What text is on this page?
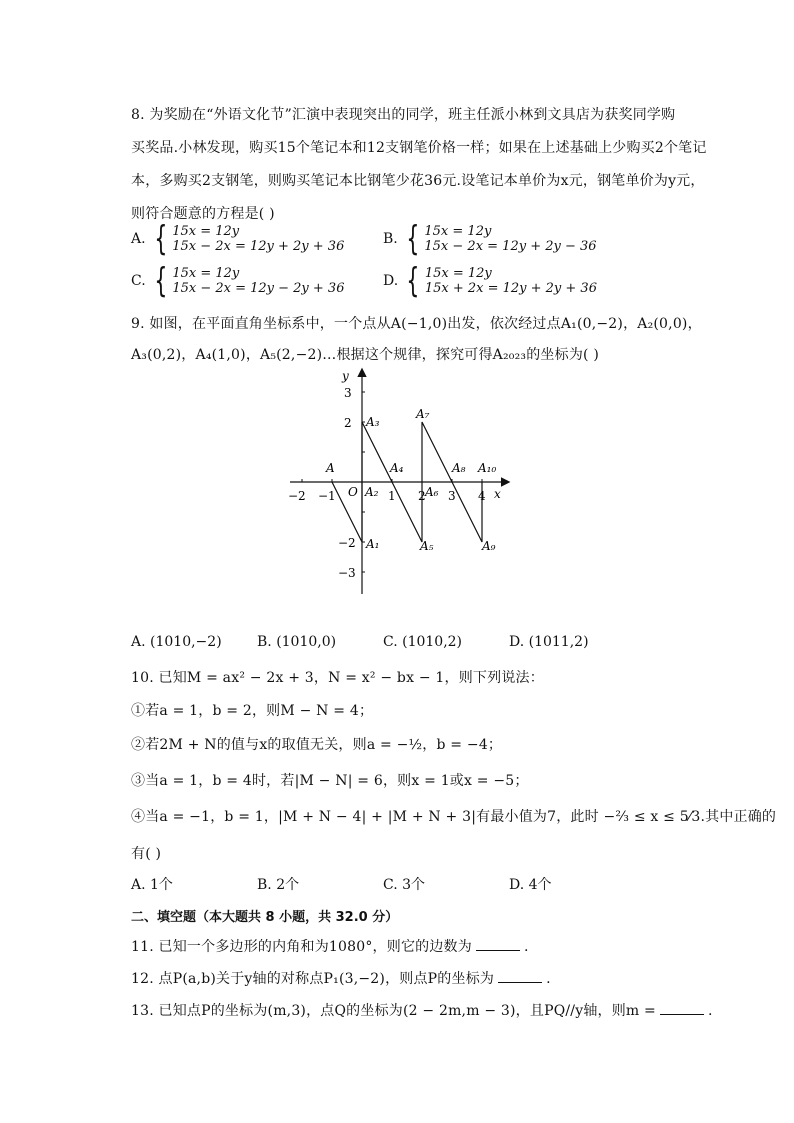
8. 为奖励在“外语文化节”汇演中表现突出的同学，班主任派小林到文具店为获奖同学购
买奖品.小林发现，购买15个笔记本和12支钢笔价格一样；如果在上述基础上少购买2个笔记
本，多购买2支钢笔，则购买笔记本比钢笔少花36元.设笔记本单价为x元，钢笔单价为y元，
则符合题意的方程是( )
A. { 15x = 12y
15x − 2x = 12y + 2y + 36	B. { 15x = 12y
15x − 2x = 12y + 2y − 36
C. { 15x = 12y
15x − 2x = 12y − 2y + 36	D. { 15x = 12y
15x + 2x = 12y + 2y + 36
9. 如图，在平面直角坐标系中，一个点从A(−1,0)出发，依次经过点A₁(0,−2)，A₂(0,0)，
A₃(0,2)，A₄(1,0)，A₅(2,−2)…根据这个规律，探究可得A₂₀₂₃的坐标为( )
x
y
O
−2 −1	1 2 3 4
3
2
−2
−3
A
A₁
A₂
A₃
A₄
A₅
A₆
A₇
A₈
A₉
A₁₀
A. (1010,−2)	B. (1010,0)	C. (1010,2)	D. (1011,2)
10. 已知M = ax² − 2x + 3，N = x² − bx − 1，则下列说法：
①若a = 1，b = 2，则M − N = 4；
②若2M + N的值与x的取值无关，则a = −½，b = −4；
③当a = 1，b = 4时，若|M − N| = 6，则x = 1或x = −5；
④当a = −1，b = 1，|M + N − 4| + |M + N + 3|有最小值为7，此时 −⅔ ≤ x ≤ 5⁄3.其中正确的
有( )
A. 1个	B. 2个	C. 3个	D. 4个
二、填空题（本大题共 8 小题，共 32.0 分）
11. 已知一个多边形的内角和为1080°，则它的边数为	.
12. 点P(a,b)关于y轴的对称点P₁(3,−2)，则点P的坐标为	.
13. 已知点P的坐标为(m,3)，点Q的坐标为(2 − 2m,m − 3)，且PQ//y轴，则m =	.
